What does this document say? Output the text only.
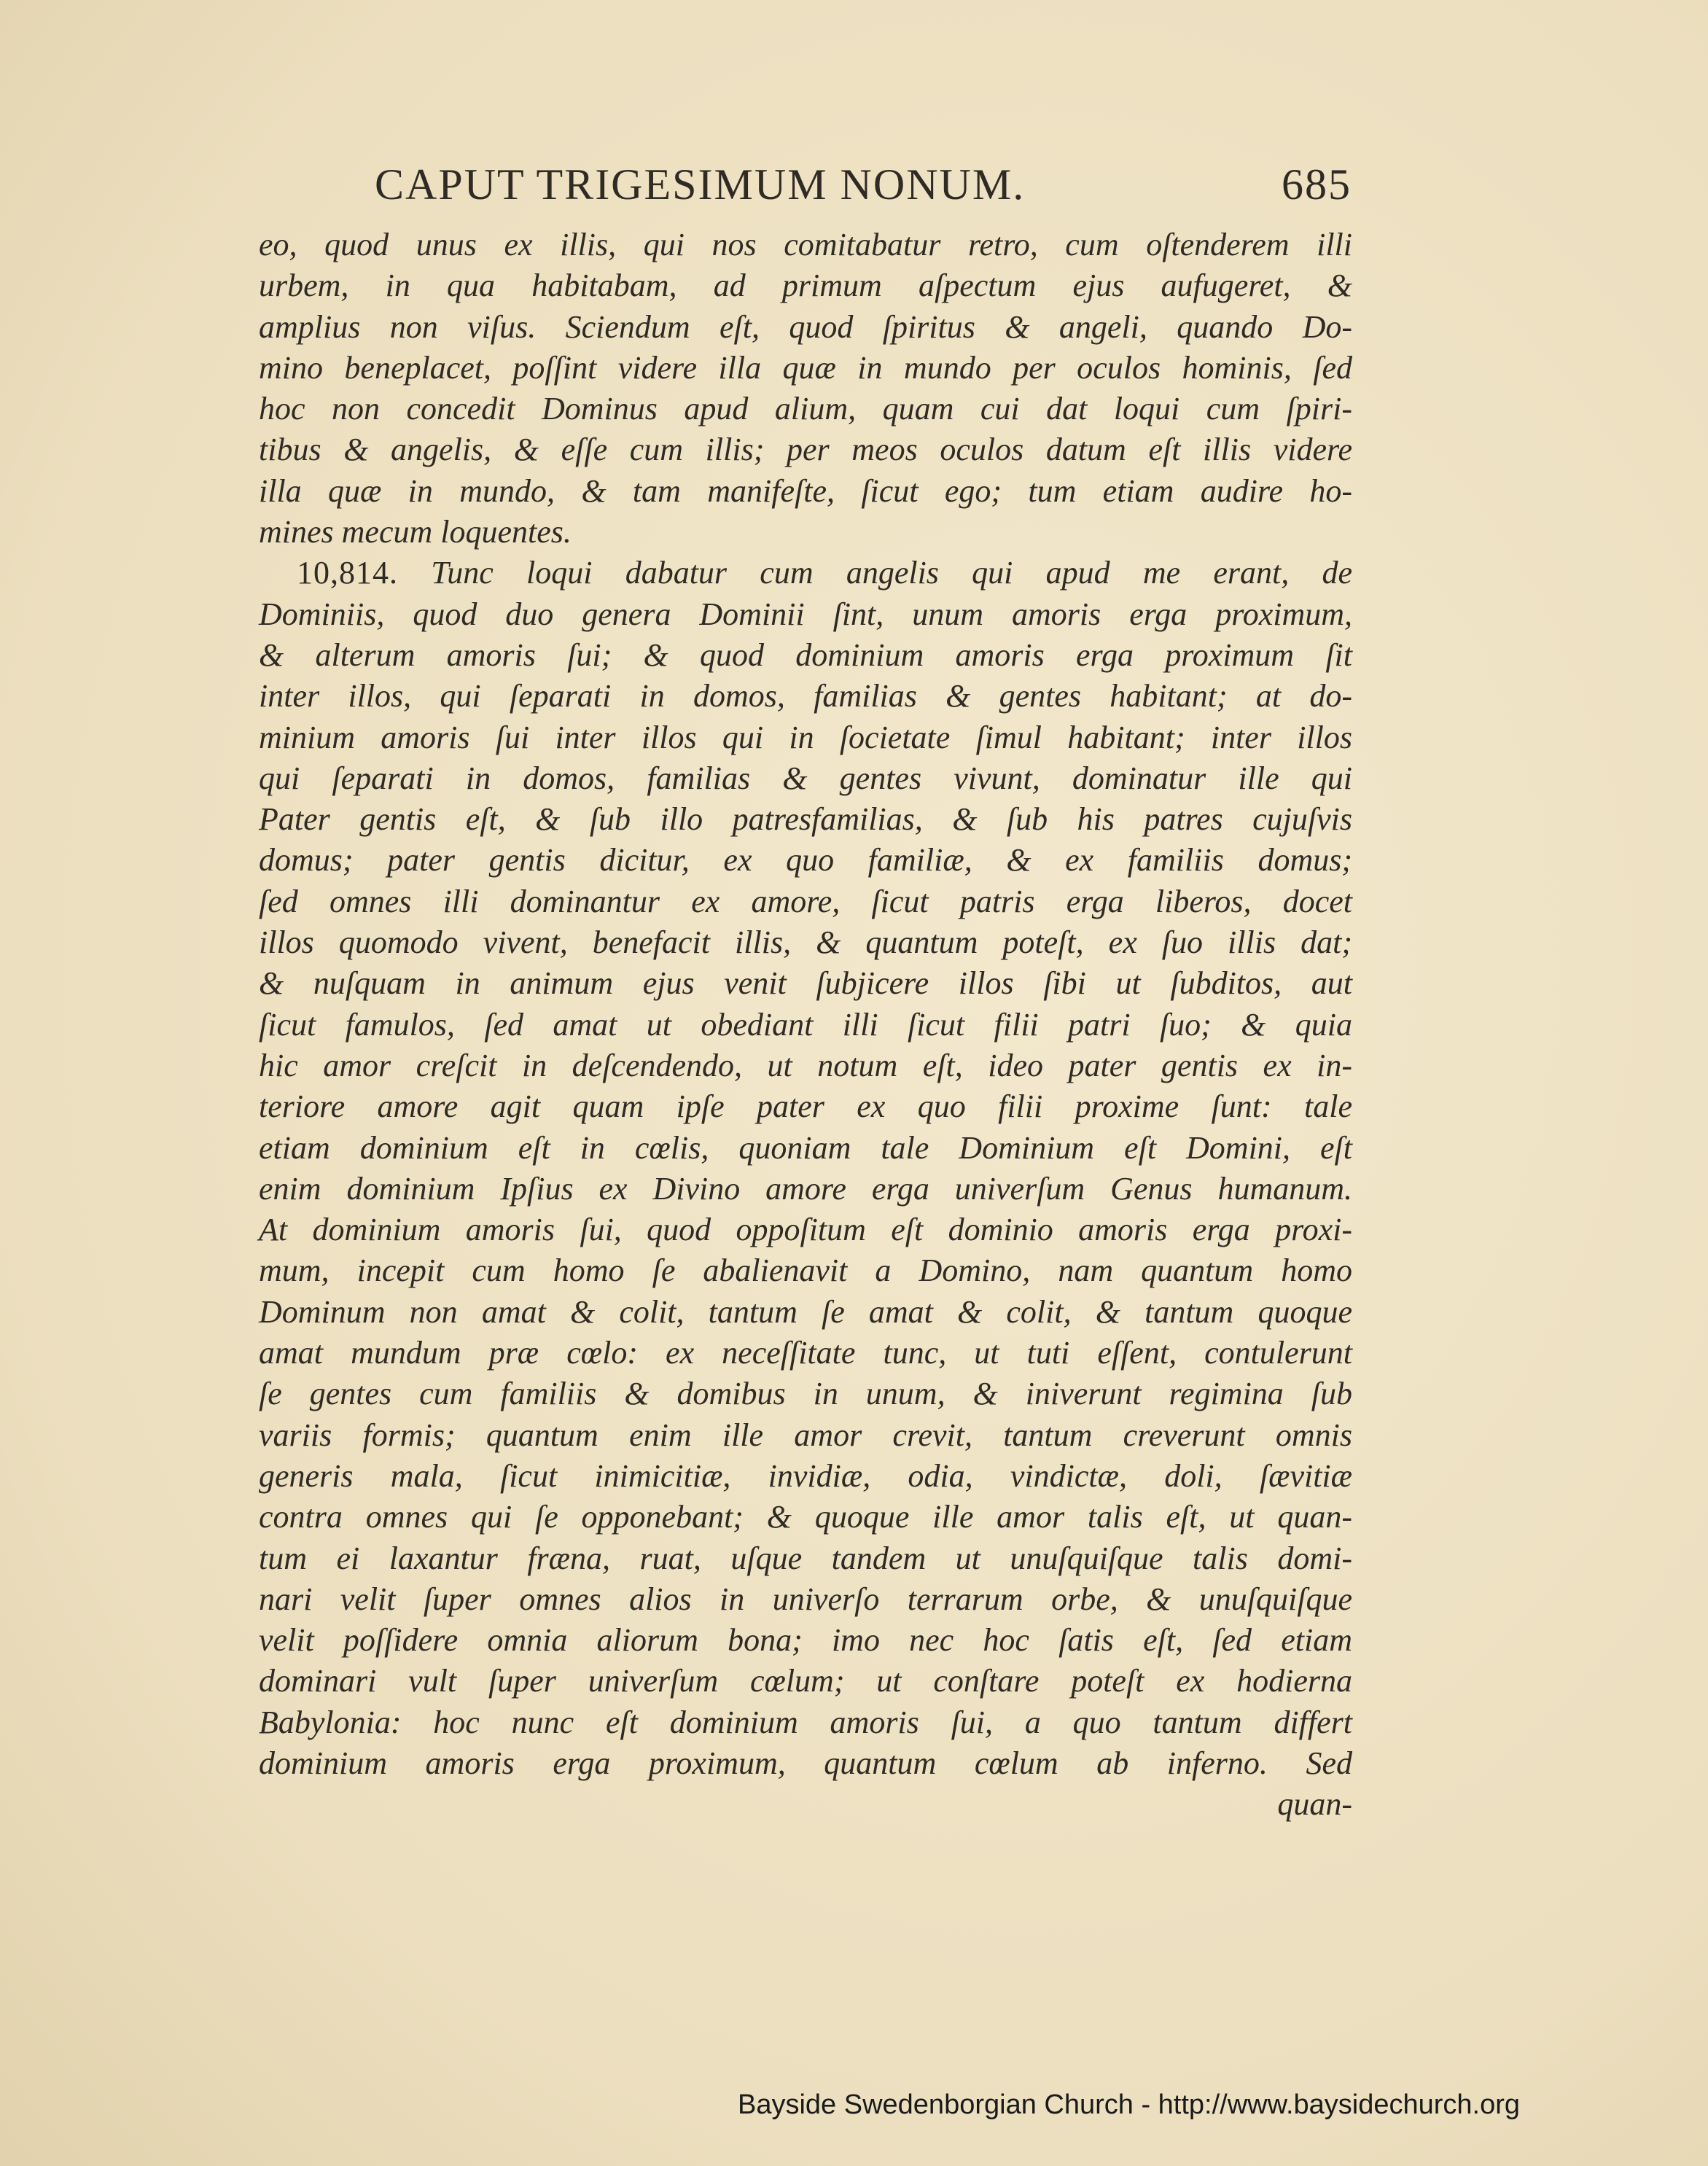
CAPUT TRIGESIMUM NONUM.	685
eo, quod unus ex illis, qui nos comitabatur retro, cum oſtenderem illi
urbem, in qua habitabam, ad primum aſpectum ejus aufugeret, &
amplius non viſus. Sciendum eſt, quod ſpiritus & angeli, quando Do-
mino beneplacet, poſſint videre illa quæ in mundo per oculos hominis, ſed
hoc non concedit Dominus apud alium, quam cui dat loqui cum ſpiri-
tibus & angelis, & eſſe cum illis; per meos oculos datum eſt illis videre
illa quæ in mundo, & tam manifeſte, ſicut ego; tum etiam audire ho-
mines mecum loquentes.
10,814. Tunc loqui dabatur cum angelis qui apud me erant, de
Dominiis, quod duo genera Dominii ſint, unum amoris erga proximum,
& alterum amoris ſui; & quod dominium amoris erga proximum ſit
inter illos, qui ſeparati in domos, familias & gentes habitant; at do-
minium amoris ſui inter illos qui in ſocietate ſimul habitant; inter illos
qui ſeparati in domos, familias & gentes vivunt, dominatur ille qui
Pater gentis eſt, & ſub illo patresfamilias, & ſub his patres cujuſvis
domus; pater gentis dicitur, ex quo familiæ, & ex familiis domus;
ſed omnes illi dominantur ex amore, ſicut patris erga liberos, docet
illos quomodo vivent, benefacit illis, & quantum poteſt, ex ſuo illis dat;
& nuſquam in animum ejus venit ſubjicere illos ſibi ut ſubditos, aut
ſicut famulos, ſed amat ut obediant illi ſicut filii patri ſuo; & quia
hic amor creſcit in deſcendendo, ut notum eſt, ideo pater gentis ex in-
teriore amore agit quam ipſe pater ex quo filii proxime ſunt: tale
etiam dominium eſt in cœlis, quoniam tale Dominium eſt Domini, eſt
enim dominium Ipſius ex Divino amore erga univerſum Genus humanum.
At dominium amoris ſui, quod oppoſitum eſt dominio amoris erga proxi-
mum, incepit cum homo ſe abalienavit a Domino, nam quantum homo
Dominum non amat & colit, tantum ſe amat & colit, & tantum quoque
amat mundum præ cœlo: ex neceſſitate tunc, ut tuti eſſent, contulerunt
ſe gentes cum familiis & domibus in unum, & iniverunt regimina ſub
variis formis; quantum enim ille amor crevit, tantum creverunt omnis
generis mala, ſicut inimicitiæ, invidiæ, odia, vindictæ, doli, ſævitiæ
contra omnes qui ſe opponebant; & quoque ille amor talis eſt, ut quan-
tum ei laxantur fræna, ruat, uſque tandem ut unuſquiſque talis domi-
nari velit ſuper omnes alios in univerſo terrarum orbe, & unuſquiſque
velit poſſidere omnia aliorum bona; imo nec hoc ſatis eſt, ſed etiam
dominari vult ſuper univerſum cœlum; ut conſtare poteſt ex hodierna
Babylonia: hoc nunc eſt dominium amoris ſui, a quo tantum differt
dominium amoris erga proximum, quantum cœlum ab inferno. Sed
quan-
Bayside Swedenborgian Church - http://www.baysidechurch.org
